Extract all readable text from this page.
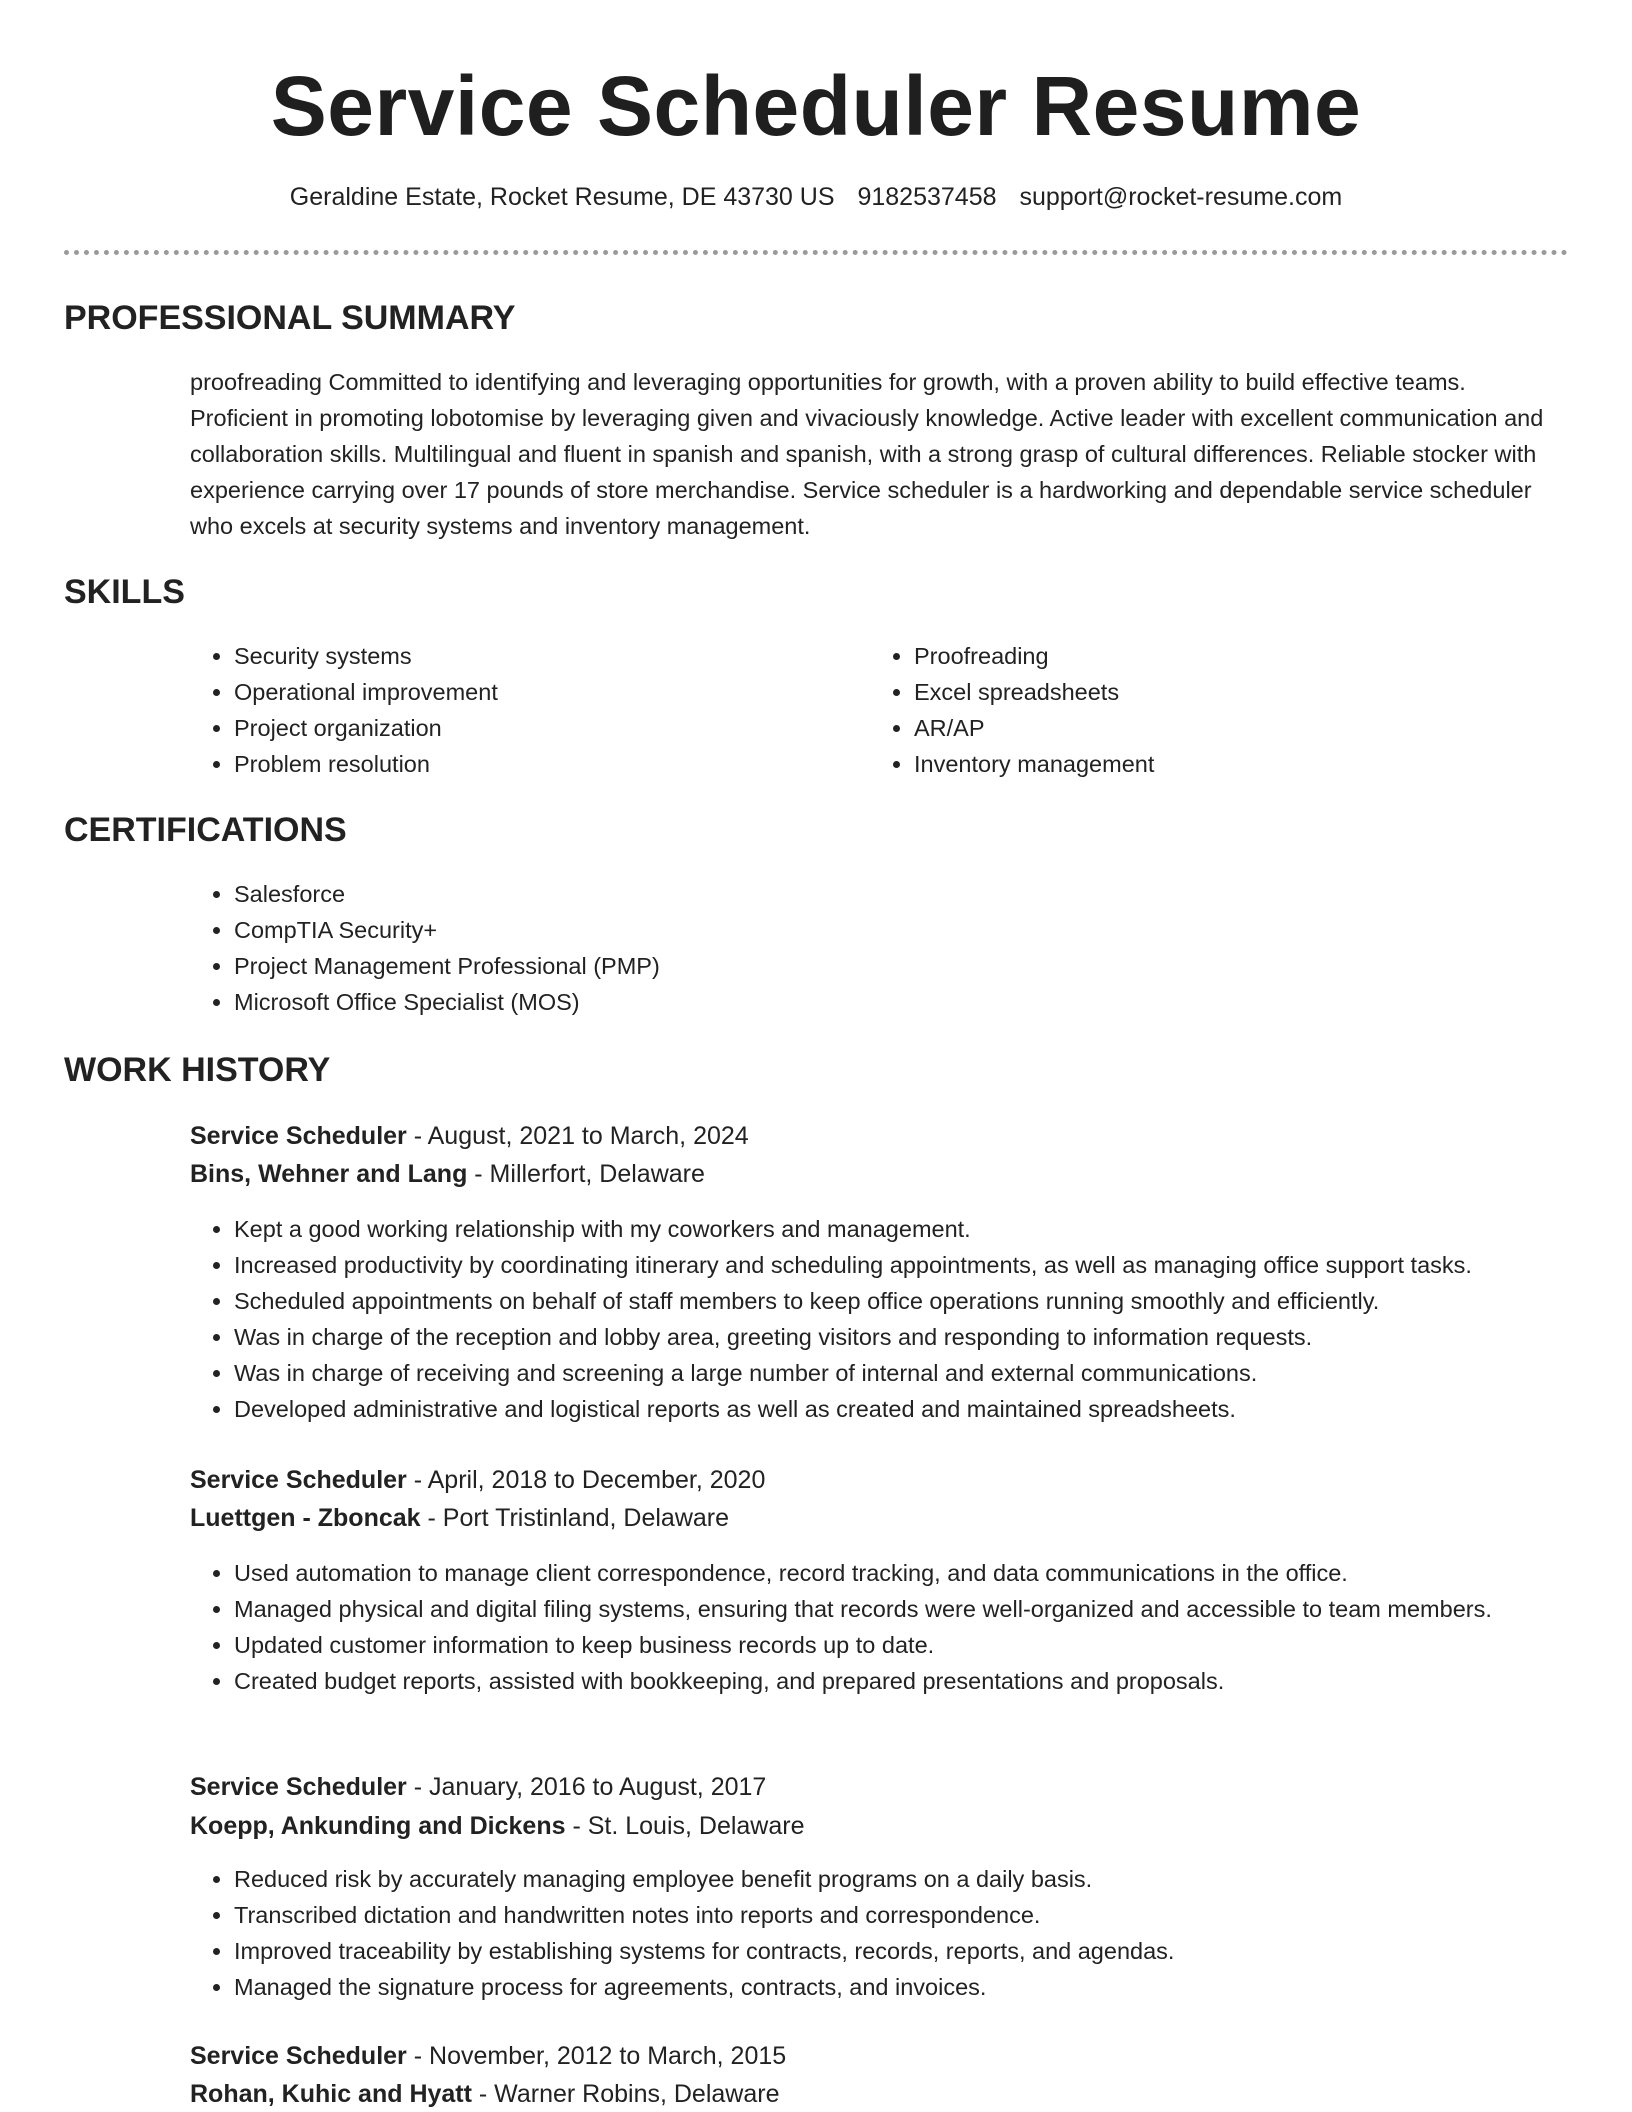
Service Scheduler Resume
Geraldine Estate, Rocket Resume, DE 43730 US 9182537458 support@rocket-resume.com
PROFESSIONAL SUMMARY

proofreading Committed to identifying and leveraging opportunities for growth, with a proven ability to build effective teams. Proficient in promoting lobotomise by leveraging given and vivaciously knowledge. Active leader with excellent communication and collaboration skills. Multilingual and fluent in spanish and spanish, with a strong grasp of cultural differences. Reliable stocker with experience carrying over 17 pounds of store merchandise. Service scheduler is a hardworking and dependable service scheduler who excels at security systems and inventory management.

SKILLS
• Security systems
• Operational improvement
• Project organization
• Problem resolution
• Proofreading
• Excel spreadsheets
• AR/AP
• Inventory management
CERTIFICATIONS
• Salesforce
• CompTIA Security+
• Project Management Professional (PMP)
• Microsoft Office Specialist (MOS)
WORK HISTORY

Service Scheduler - August, 2021 to March, 2024

Bins, Wehner and Lang - Millerfort, Delaware

• Kept a good working relationship with my coworkers and management.
• Increased productivity by coordinating itinerary and scheduling appointments, as well as managing office support tasks.
• Scheduled appointments on behalf of staff members to keep office operations running smoothly and efficiently.
• Was in charge of the reception and lobby area, greeting visitors and responding to information requests.
• Was in charge of receiving and screening a large number of internal and external communications.
• Developed administrative and logistical reports as well as created and maintained spreadsheets.

Service Scheduler - April, 2018 to December, 2020

Luettgen - Zboncak - Port Tristinland, Delaware

• Used automation to manage client correspondence, record tracking, and data communications in the office.
• Managed physical and digital filing systems, ensuring that records were well-organized and accessible to team members.
• Updated customer information to keep business records up to date.
• Created budget reports, assisted with bookkeeping, and prepared presentations and proposals.

Service Scheduler - January, 2016 to August, 2017

Koepp, Ankunding and Dickens - St. Louis, Delaware

• Reduced risk by accurately managing employee benefit programs on a daily basis.
• Transcribed dictation and handwritten notes into reports and correspondence.
• Improved traceability by establishing systems for contracts, records, reports, and agendas.
• Managed the signature process for agreements, contracts, and invoices.

Service Scheduler - November, 2012 to March, 2015

Rohan, Kuhic and Hyatt - Warner Robins, Delaware
